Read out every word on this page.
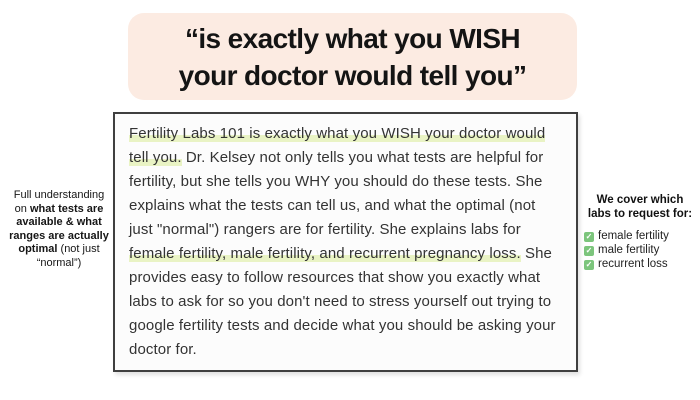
“is exactly what you WISH
your doctor would tell you”

Full understanding on what tests are available & what ranges are actually optimal (not just “normal”)

Fertility Labs 101 is exactly what you WISH your doctor would tell you. Dr. Kelsey not only tells you what tests are helpful for fertility, but she tells you WHY you should do these tests. She explains what the tests can tell us, and what the optimal (not just "normal") rangers are for fertility. She explains labs for female fertility, male fertility, and recurrent pregnancy loss. She provides easy to follow resources that show you exactly what labs to ask for so you don't need to stress yourself out trying to google fertility tests and decide what you should be asking your doctor for.

We cover which labs to request for:
✓ female fertility
✓ male fertility
✓ recurrent loss
